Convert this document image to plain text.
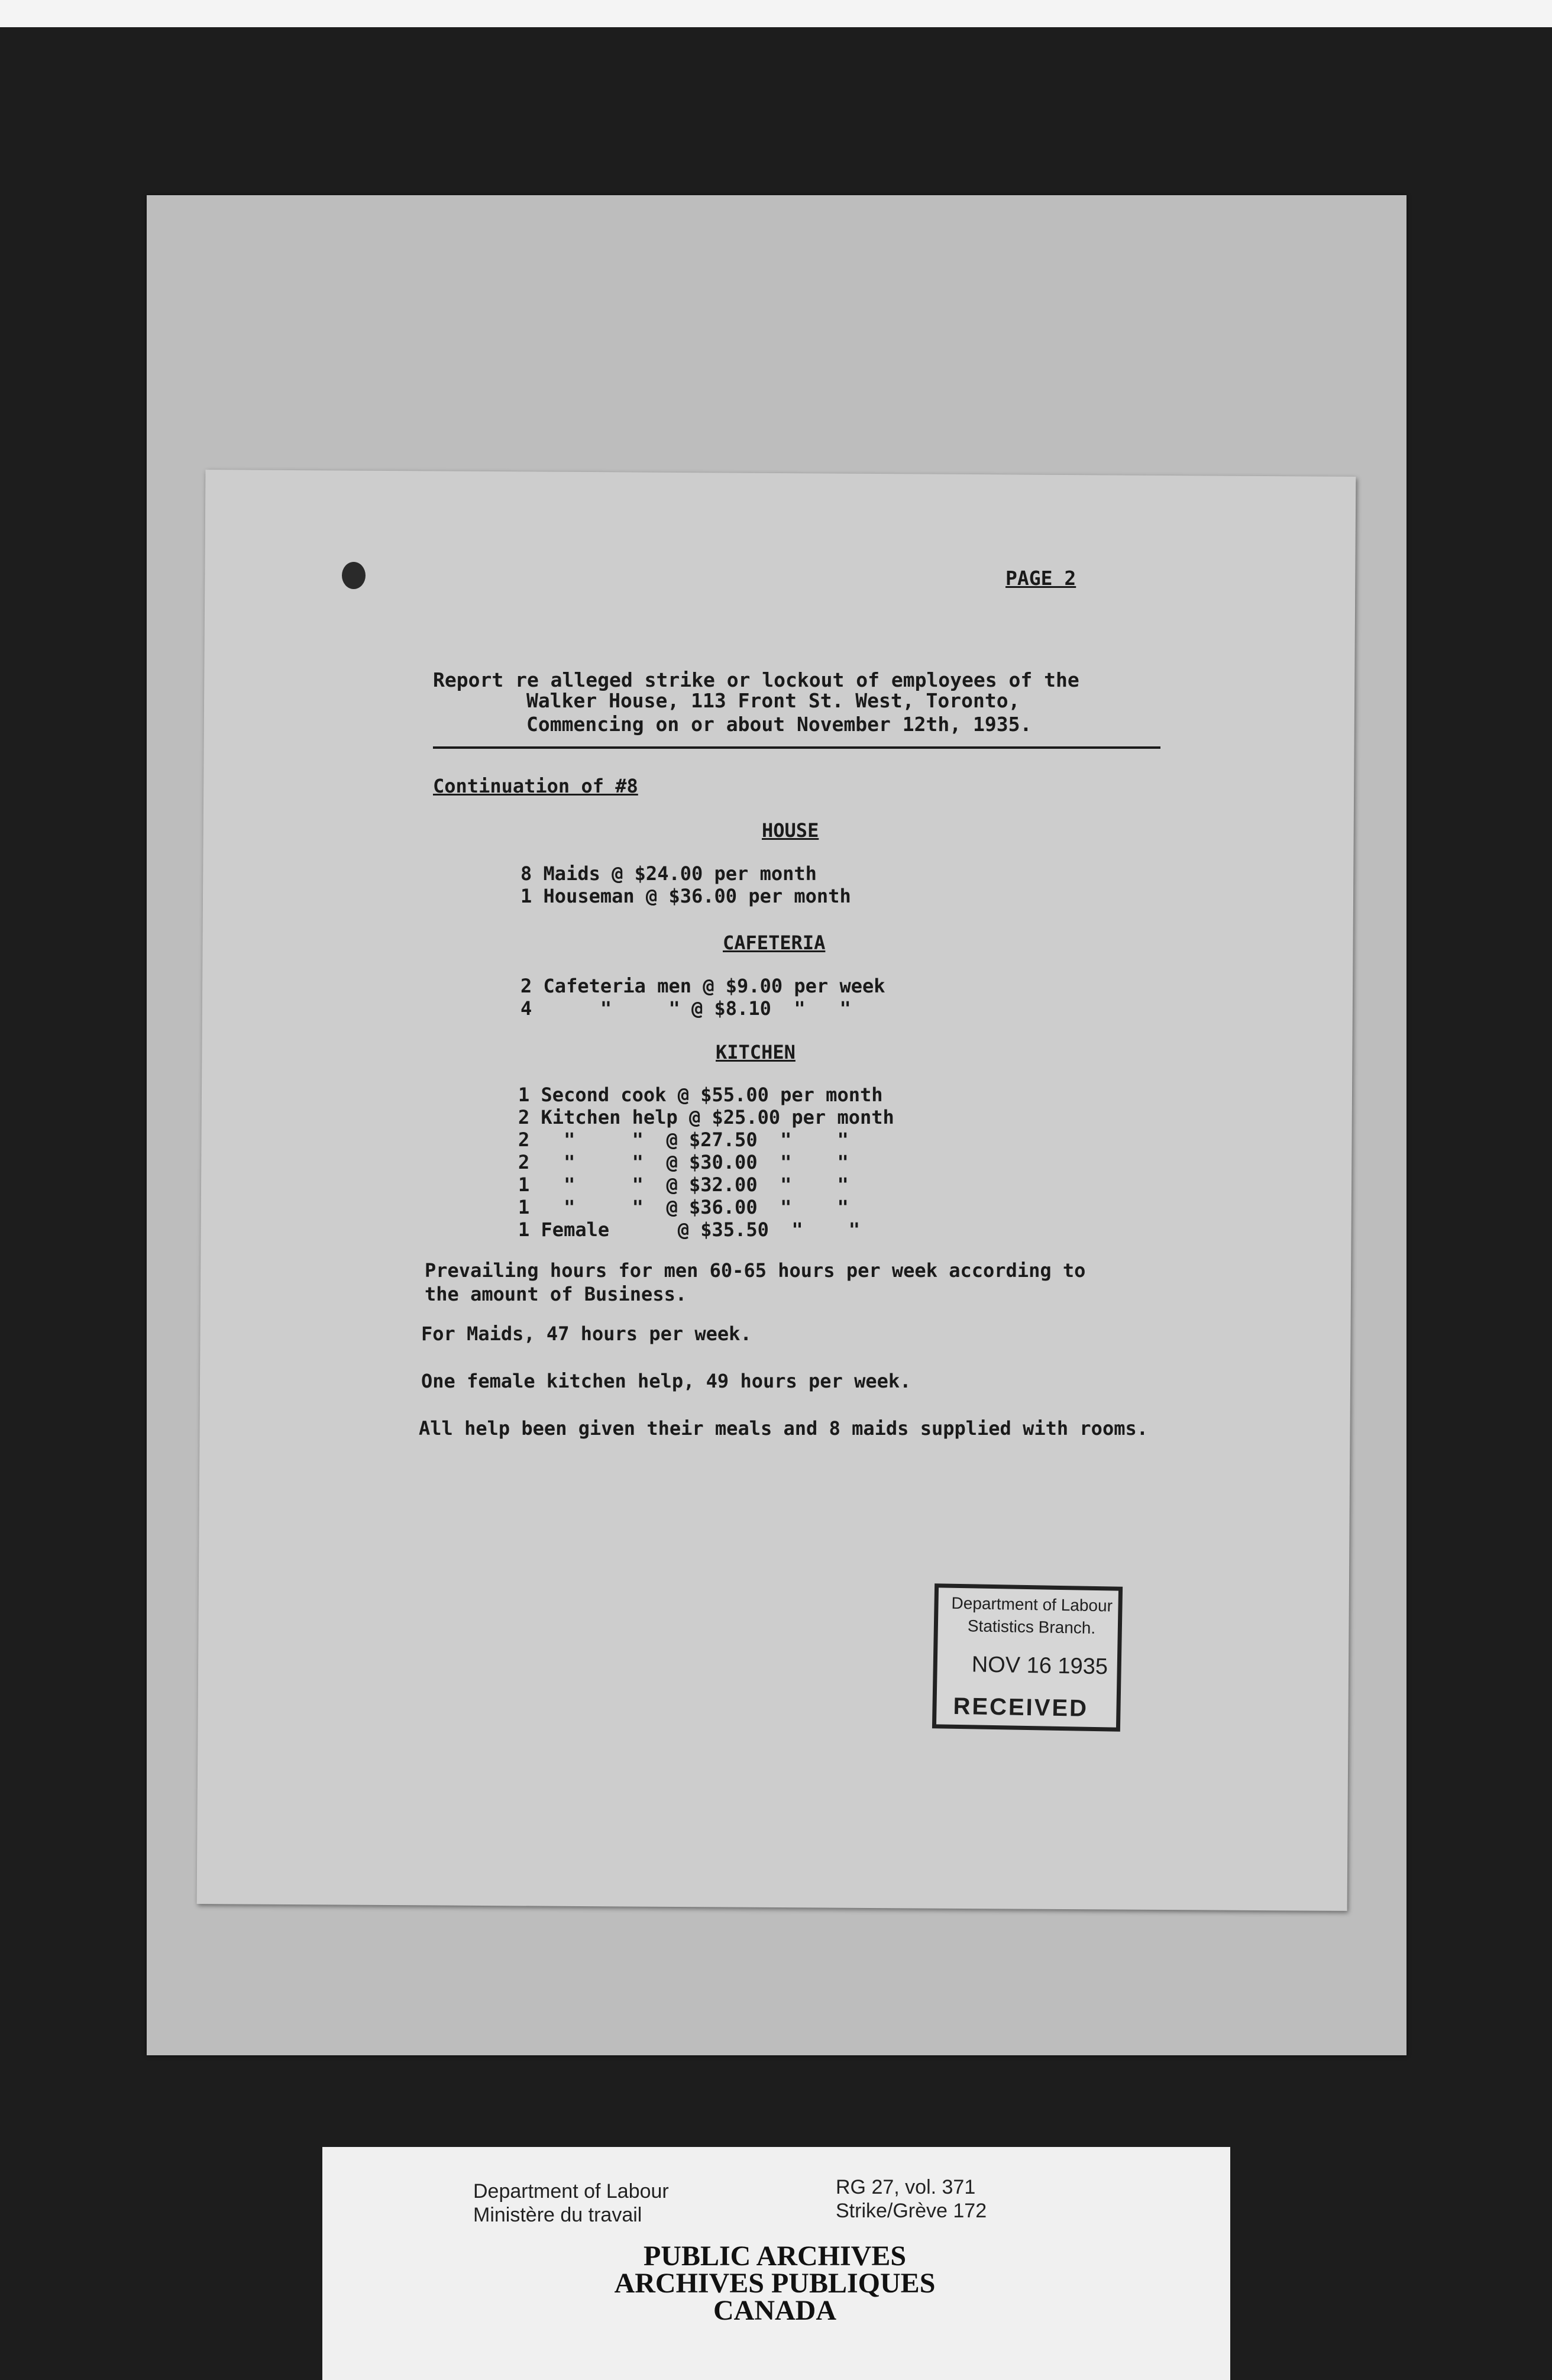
PAGE 2
Report re alleged strike or lockout of employees of the
Walker House, 113 Front St. West, Toronto,
Commencing on or about November 12th, 1935.
Continuation of #8
HOUSE
8 Maids @ $24.00 per month
1 Houseman @ $36.00 per month
CAFETERIA
2 Cafeteria men @ $9.00 per week
4      "     " @ $8.10  "   "
KITCHEN
1 Second cook @ $55.00 per month
2 Kitchen help @ $25.00 per month
2   "     "  @ $27.50  "    "
2   "     "  @ $30.00  "    "
1   "     "  @ $32.00  "    "
1   "     "  @ $36.00  "    "
1 Female      @ $35.50  "    "
Prevailing hours for men 60-65 hours per week according to
the amount of Business.
For Maids, 47 hours per week.
One female kitchen help, 49 hours per week.
All help been given their meals and 8 maids supplied with rooms.
Department of Labour
Statistics Branch.
NOV 16 1935
RECEIVED
Department of Labour
Ministère du travail
RG 27, vol. 371
Strike/Grève 172
PUBLIC ARCHIVES
ARCHIVES PUBLIQUES
CANADA
